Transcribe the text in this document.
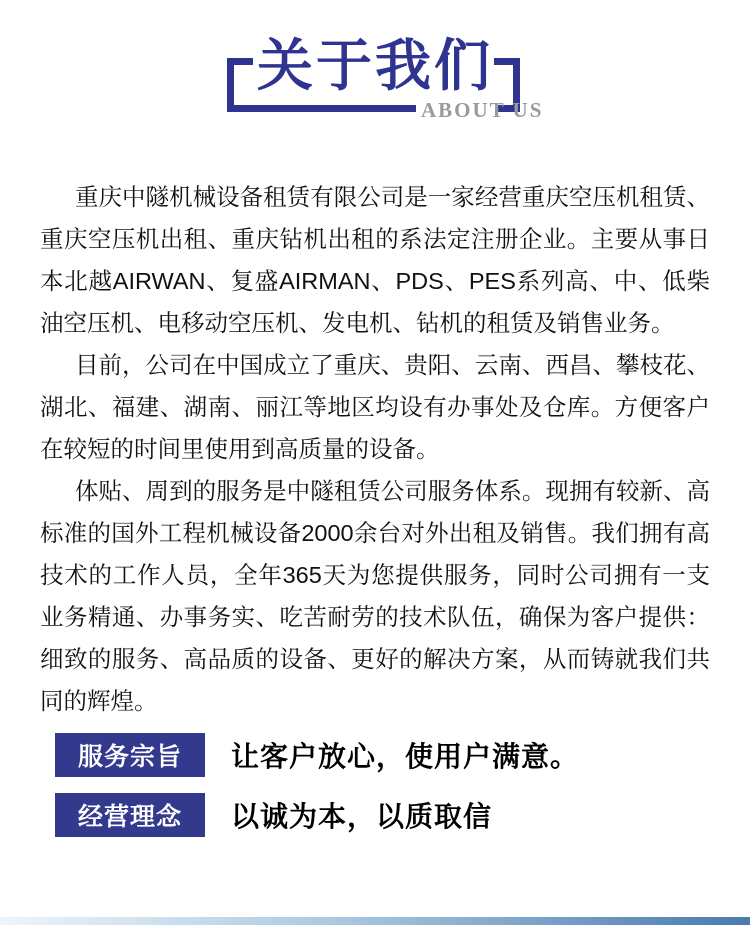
关于我们
ABOUT US

重庆中隧机械设备租赁有限公司是一家经营重庆空压机租赁、重庆空压机出租、重庆钻机出租的系法定注册企业。主要从事日本北越AIRWAN、复盛AIRMAN、PDS、PES系列高、中、低柴油空压机、电移动空压机、发电机、钻机的租赁及销售业务。

目前，公司在中国成立了重庆、贵阳、云南、西昌、攀枝花、湖北、福建、湖南、丽江等地区均设有办事处及仓库。方便客户在较短的时间里使用到高质量的设备。

体贴、周到的服务是中隧租赁公司服务体系。现拥有较新、高标准的国外工程机械设备2000余台对外出租及销售。我们拥有高技术的工作人员，全年365天为您提供服务，同时公司拥有一支业务精通、办事务实、吃苦耐劳的技术队伍，确保为客户提供：细致的服务、高品质的设备、更好的解决方案，从而铸就我们共同的辉煌。

服务宗旨	让客户放心，使用户满意。
经营理念	以诚为本，以质取信
